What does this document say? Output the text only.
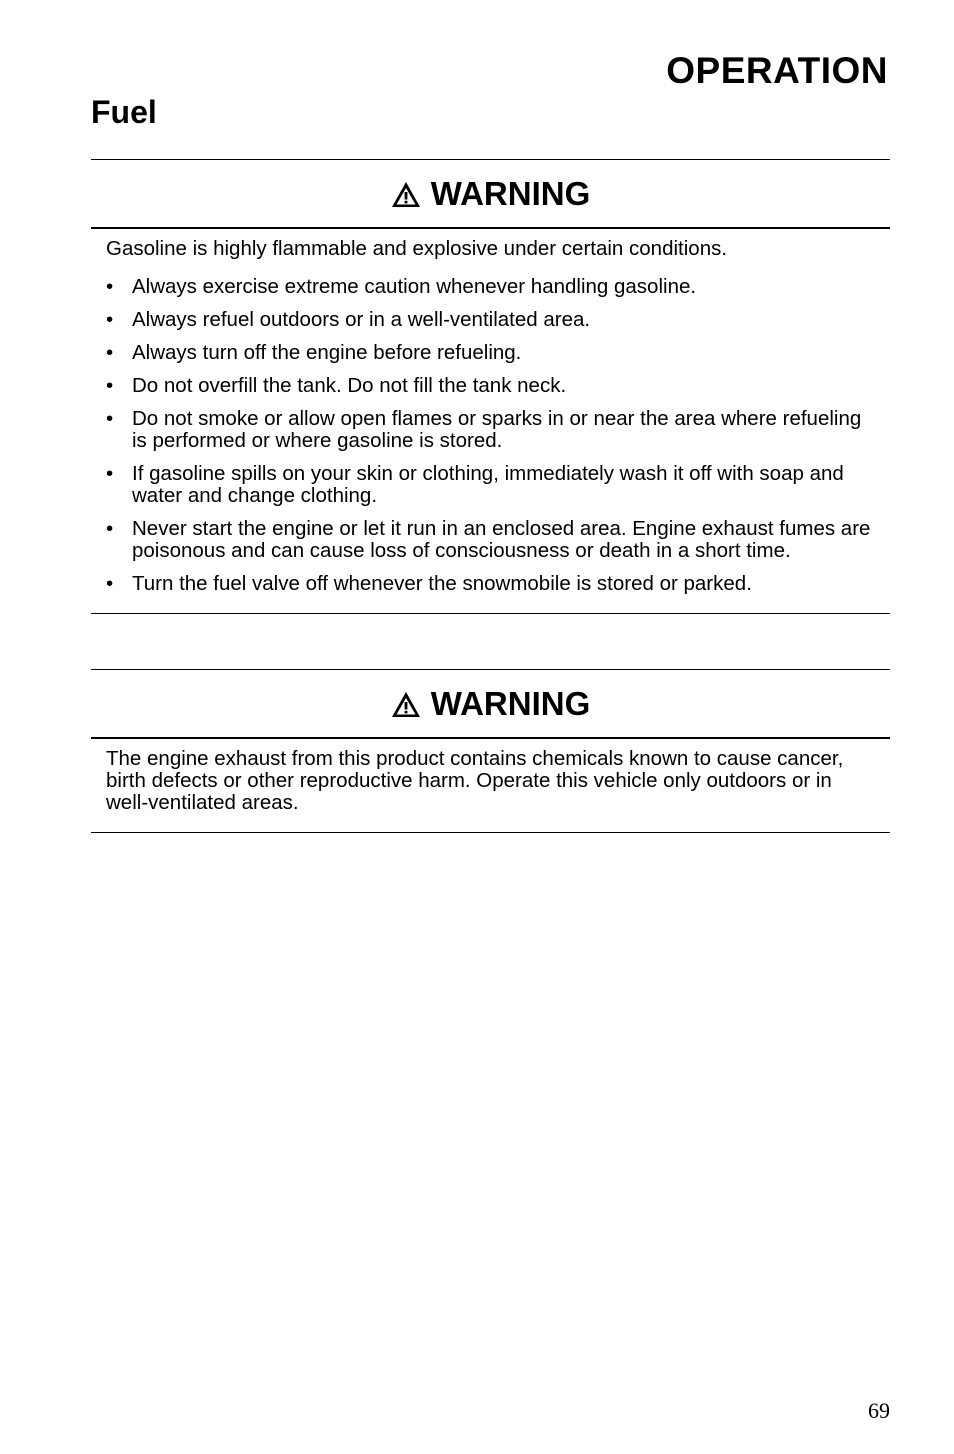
OPERATION
Fuel
WARNING

Gasoline is highly flammable and explosive under certain conditions.

• Always exercise extreme caution whenever handling gasoline.
• Always refuel outdoors or in a well-ventilated area.
• Always turn off the engine before refueling.
• Do not overfill the tank. Do not fill the tank neck.
• Do not smoke or allow open flames or sparks in or near the area where refueling is performed or where gasoline is stored.
• If gasoline spills on your skin or clothing, immediately wash it off with soap and water and change clothing.
• Never start the engine or let it run in an enclosed area. Engine exhaust fumes are poisonous and can cause loss of consciousness or death in a short time.
• Turn the fuel valve off whenever the snowmobile is stored or parked.
WARNING

The engine exhaust from this product contains chemicals known to cause cancer, birth defects or other reproductive harm. Operate this vehicle only outdoors or in well-ventilated areas.

69
